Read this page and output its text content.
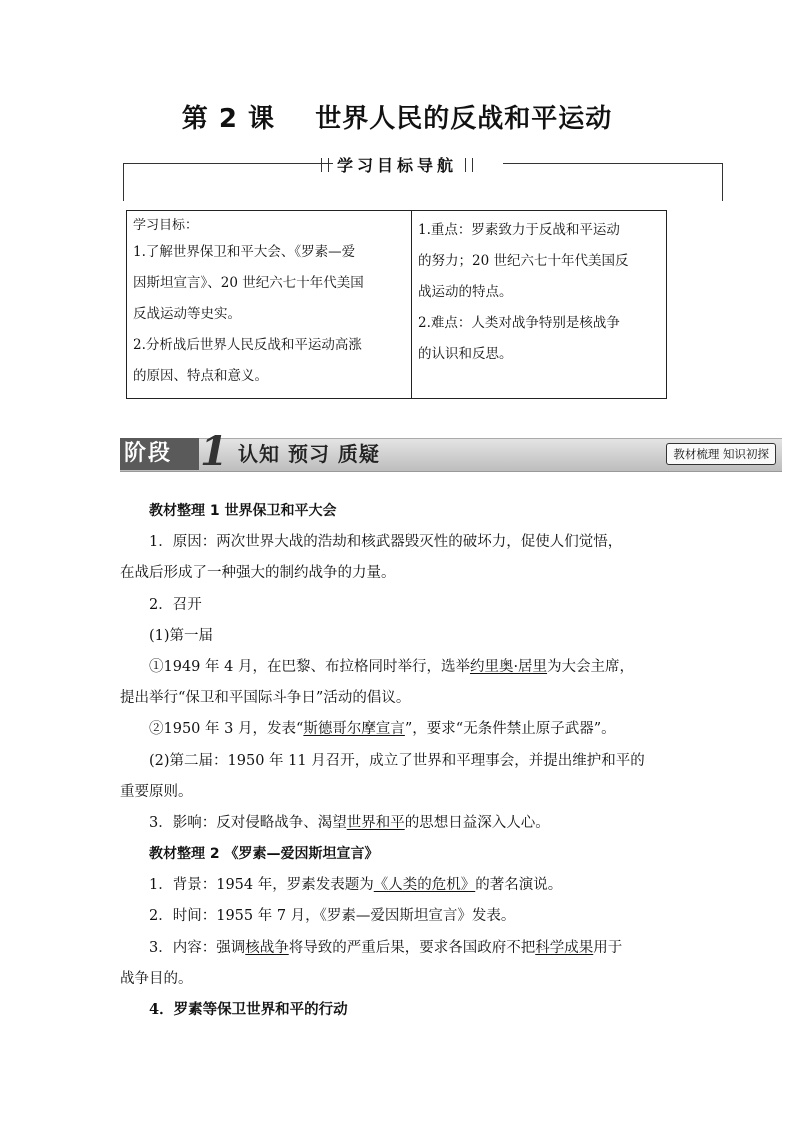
第 2 课    世界人民的反战和平运动
学习目标导航
学习目标：
1.了解世界保卫和平大会、《罗素—爱
因斯坦宣言》、20 世纪六七十年代美国
反战运动等史实。
2.分析战后世界人民反战和平运动高涨
的原因、特点和意义。

1.重点：罗素致力于反战和平运动
的努力；20 世纪六七十年代美国反
战运动的特点。
2.难点：人类对战争特别是核战争
的认识和反思。
阶段 1 认知 预习 质疑	教材梳理 知识初探
教材整理 1 世界保卫和平大会
1．原因：两次世界大战的浩劫和核武器毁灭性的破坏力，促使人们觉悟，
在战后形成了一种强大的制约战争的力量。
2．召开
(1)第一届
①1949 年 4 月，在巴黎、布拉格同时举行，选举约里奥·居里为大会主席，
提出举行“保卫和平国际斗争日”活动的倡议。
②1950 年 3 月，发表“斯德哥尔摩宣言”，要求“无条件禁止原子武器”。
(2)第二届：1950 年 11 月召开，成立了世界和平理事会，并提出维护和平的
重要原则。
3．影响：反对侵略战争、渴望世界和平的思想日益深入人心。
教材整理 2 《罗素—爱因斯坦宣言》
1．背景：1954 年，罗素发表题为《人类的危机》的著名演说。
2．时间：1955 年 7 月，《罗素—爱因斯坦宣言》发表。
3．内容：强调核战争将导致的严重后果，要求各国政府不把科学成果用于
战争目的。
4．罗素等保卫世界和平的行动
